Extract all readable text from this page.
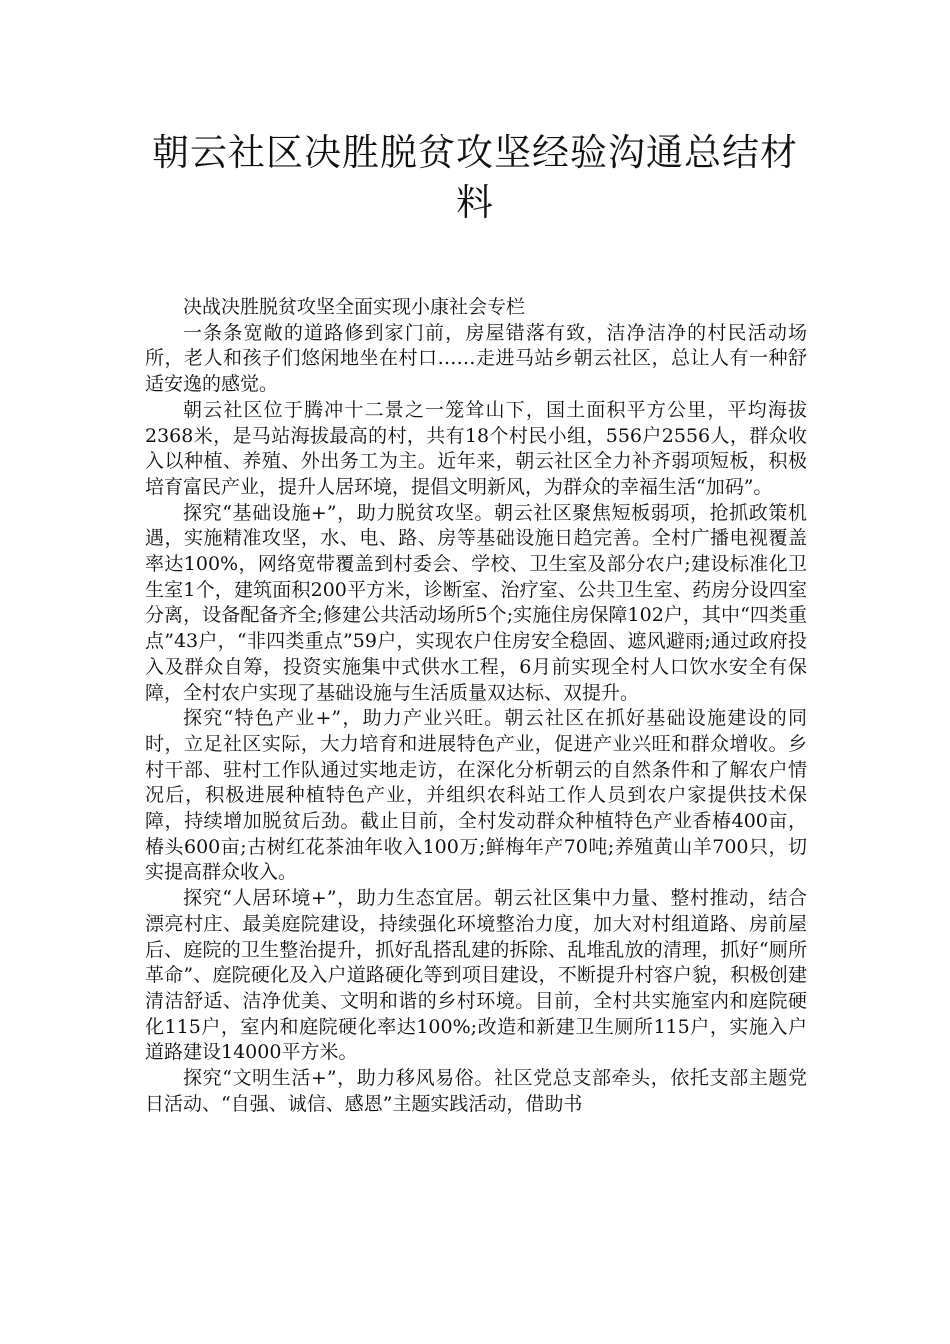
朝云社区决胜脱贫攻坚经验沟通总结材料

决战决胜脱贫攻坚全面实现小康社会专栏

一条条宽敞的道路修到家门前，房屋错落有致，洁净洁净的村民活动场所，老人和孩子们悠闲地坐在村口……走进马站乡朝云社区，总让人有一种舒适安逸的感觉。

朝云社区位于腾冲十二景之一笼耸山下，国土面积平方公里，平均海拔2368米，是马站海拔最高的村，共有18个村民小组，556户2556人，群众收入以种植、养殖、外出务工为主。近年来，朝云社区全力补齐弱项短板，积极培育富民产业，提升人居环境，提倡文明新风，为群众的幸福生活“加码”。

探究“基础设施+”，助力脱贫攻坚。朝云社区聚焦短板弱项，抢抓政策机遇，实施精准攻坚，水、电、路、房等基础设施日趋完善。全村广播电视覆盖率达100%，网络宽带覆盖到村委会、学校、卫生室及部分农户;建设标准化卫生室1个，建筑面积200平方米，诊断室、治疗室、公共卫生室、药房分设四室分离，设备配备齐全;修建公共活动场所5个;实施住房保障102户，其中“四类重点”43户，“非四类重点”59户，实现农户住房安全稳固、遮风避雨;通过政府投入及群众自筹，投资实施集中式供水工程，6月前实现全村人口饮水安全有保障，全村农户实现了基础设施与生活质量双达标、双提升。

探究“特色产业+”，助力产业兴旺。朝云社区在抓好基础设施建设的同时，立足社区实际，大力培育和进展特色产业，促进产业兴旺和群众增收。乡村干部、驻村工作队通过实地走访，在深化分析朝云的自然条件和了解农户情况后，积极进展种植特色产业，并组织农科站工作人员到农户家提供技术保障，持续增加脱贫后劲。截止目前，全村发动群众种植特色产业香椿400亩，椿头600亩;古树红花茶油年收入100万;鲜梅年产70吨;养殖黄山羊700只，切实提高群众收入。

探究“人居环境+”，助力生态宜居。朝云社区集中力量、整村推动，结合漂亮村庄、最美庭院建设，持续强化环境整治力度，加大对村组道路、房前屋后、庭院的卫生整治提升，抓好乱搭乱建的拆除、乱堆乱放的清理，抓好“厕所革命”、庭院硬化及入户道路硬化等到项目建设，不断提升村容户貌，积极创建清洁舒适、洁净优美、文明和谐的乡村环境。目前，全村共实施室内和庭院硬化115户，室内和庭院硬化率达100%;改造和新建卫生厕所115户，实施入户道路建设14000平方米。

探究“文明生活+”，助力移风易俗。社区党总支部牵头，依托支部主题党日活动、“自强、诚信、感恩”主题实践活动，借助书
